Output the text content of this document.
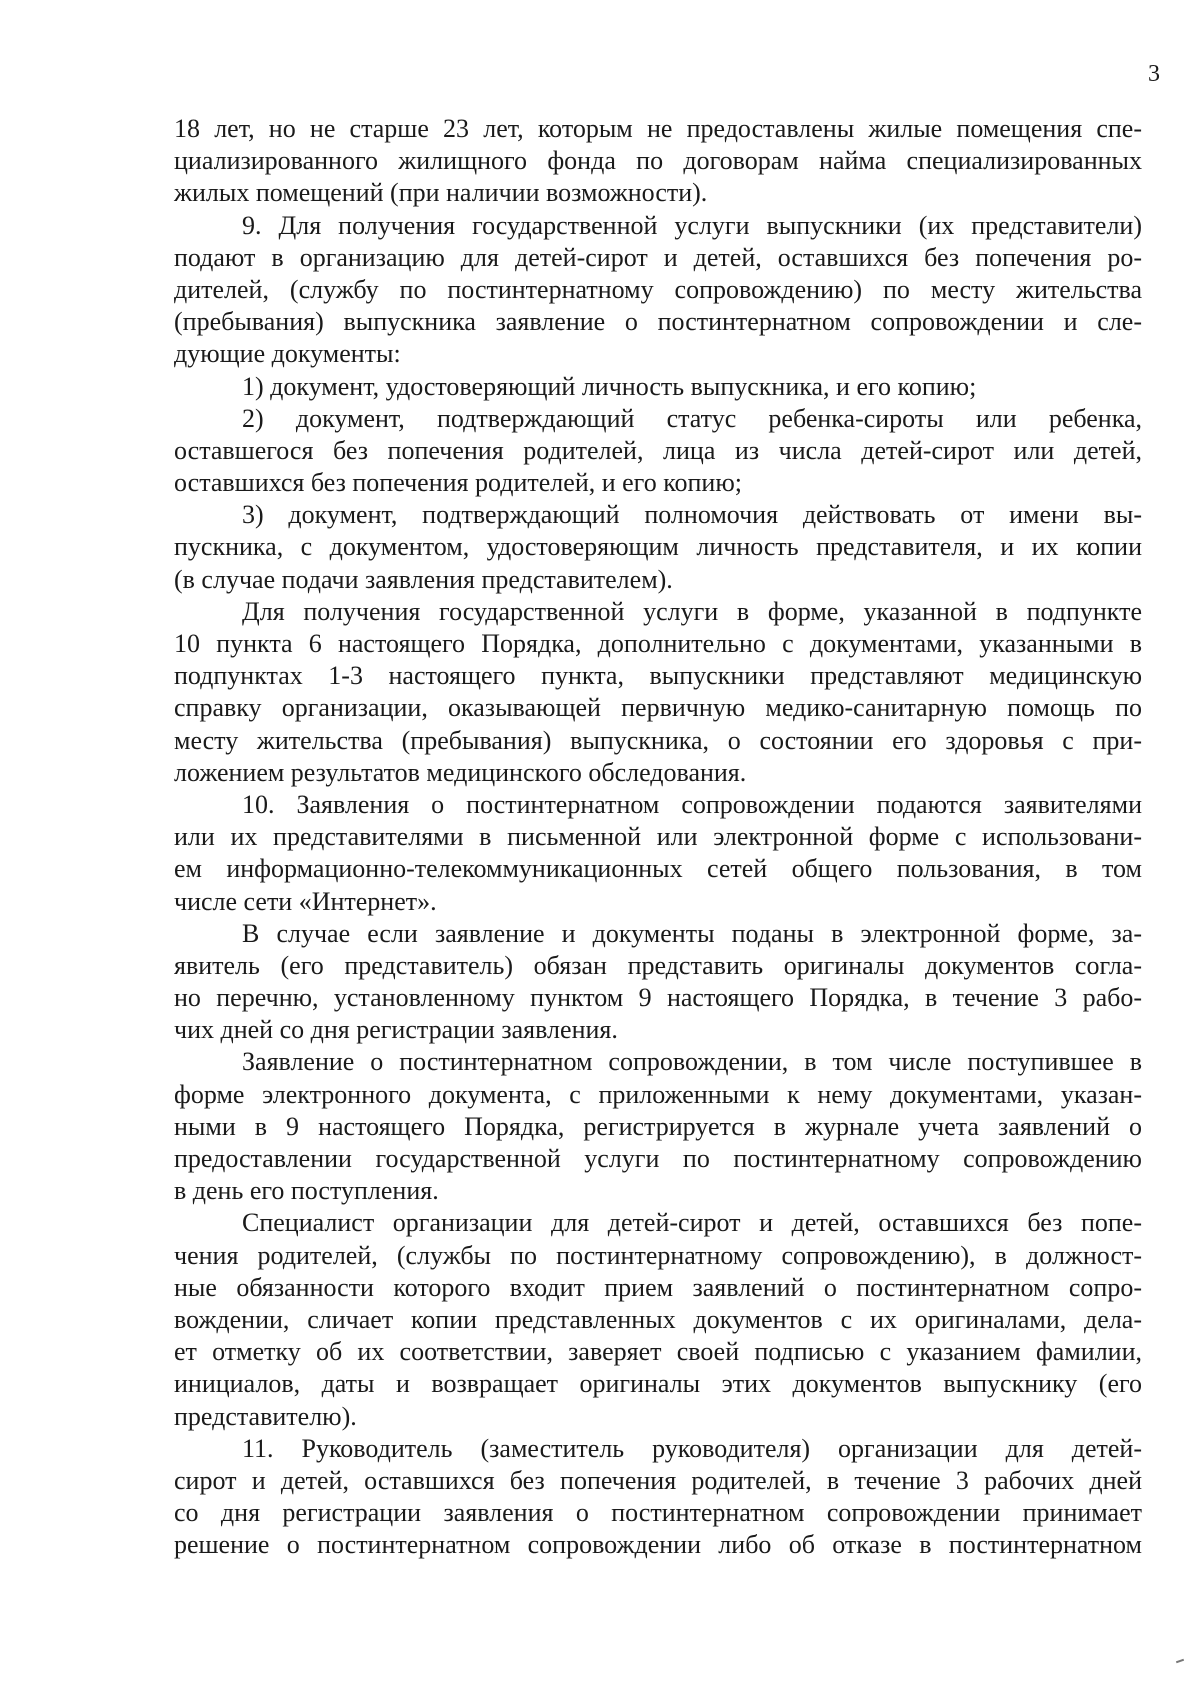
3
18 лет, но не старше 23 лет, которым не предоставлены жилые помещения спе-
циализированного жилищного фонда по договорам найма специализированных
жилых помещений (при наличии возможности).
9. Для получения государственной услуги выпускники (их представители)
подают в организацию для детей-сирот и детей, оставшихся без попечения ро-
дителей, (службу по постинтернатному сопровождению) по месту жительства
(пребывания) выпускника заявление о постинтернатном сопровождении и сле-
дующие документы:
1) документ, удостоверяющий личность выпускника, и его копию;
2) документ, подтверждающий статус ребенка-сироты или ребенка,
оставшегося без попечения родителей, лица из числа детей-сирот или детей,
оставшихся без попечения родителей, и его копию;
3) документ, подтверждающий полномочия действовать от имени вы-
пускника, с документом, удостоверяющим личность представителя, и их копии
(в случае подачи заявления представителем).
Для получения государственной услуги в форме, указанной в подпункте
10 пункта 6 настоящего Порядка, дополнительно с документами, указанными в
подпунктах 1-3 настоящего пункта, выпускники представляют медицинскую
справку организации, оказывающей первичную медико-санитарную помощь по
месту жительства (пребывания) выпускника, о состоянии его здоровья с при-
ложением результатов медицинского обследования.
10. Заявления о постинтернатном сопровождении подаются заявителями
или их представителями в письменной или электронной форме с использовани-
ем информационно-телекоммуникационных сетей общего пользования, в том
числе сети «Интернет».
В случае если заявление и документы поданы в электронной форме, за-
явитель (его представитель) обязан представить оригиналы документов согла-
но перечню, установленному пунктом 9 настоящего Порядка, в течение 3 рабо-
чих дней со дня регистрации заявления.
Заявление о постинтернатном сопровождении, в том числе поступившее в
форме электронного документа, с приложенными к нему документами, указан-
ными в 9 настоящего Порядка, регистрируется в журнале учета заявлений о
предоставлении государственной услуги по постинтернатному сопровождению
в день его поступления.
Специалист организации для детей-сирот и детей, оставшихся без попе-
чения родителей, (службы по постинтернатному сопровождению), в должност-
ные обязанности которого входит прием заявлений о постинтернатном сопро-
вождении, сличает копии представленных документов с их оригиналами, дела-
ет отметку об их соответствии, заверяет своей подписью с указанием фамилии,
инициалов, даты и возвращает оригиналы этих документов выпускнику (его
представителю).
11. Руководитель (заместитель руководителя) организации для детей-
сирот и детей, оставшихся без попечения родителей, в течение 3 рабочих дней
со дня регистрации заявления о постинтернатном сопровождении принимает
решение о постинтернатном сопровождении либо об отказе в постинтернатном
